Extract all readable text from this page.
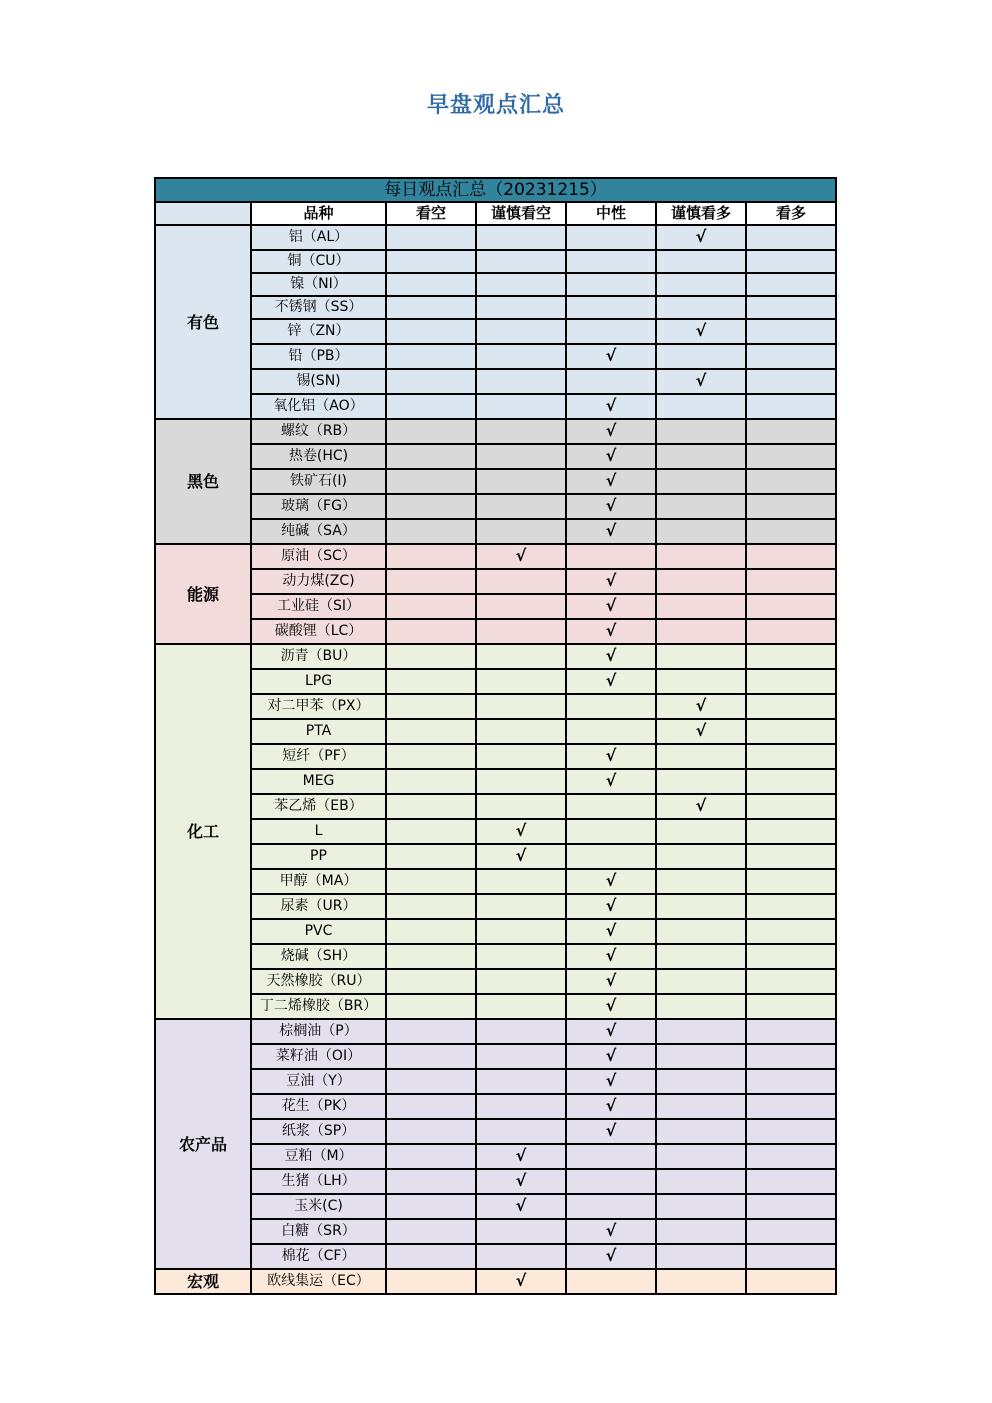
早盘观点汇总
每日观点汇总（20231215）						
	品种	看空	谨慎看空	中性	谨慎看多	看多
有色	铝（AL）				√	
	铜（CU）					
	镍（NI）					
	不锈钢（SS）					
	锌（ZN）				√	
	铅（PB）			√		
	锡(SN)				√	
	氧化铝（AO）			√		
黑色	螺纹（RB）			√		
	热卷(HC)			√		
	铁矿石(I)			√		
	玻璃（FG）			√		
	纯碱（SA）			√		
能源	原油（SC）		√			
	动力煤(ZC)			√		
	工业硅（SI）			√		
	碳酸锂（LC）			√		
化工	沥青（BU）			√		
	LPG			√		
	对二甲苯（PX）				√	
	PTA				√	
	短纤（PF）			√		
	MEG			√		
	苯乙烯（EB）				√	
	L		√			
	PP		√			
	甲醇（MA）			√		
	尿素（UR）			√		
	PVC			√		
	烧碱（SH）			√		
	天然橡胶（RU）			√		
	丁二烯橡胶（BR）			√		
农产品	棕榈油（P）			√		
	菜籽油（OI）			√		
	豆油（Y）			√		
	花生（PK）			√		
	纸浆（SP）			√		
	豆粕（M）		√			
	生猪（LH）		√			
	玉米(C)		√			
	白糖（SR）			√		
	棉花（CF）			√		
宏观	欧线集运（EC）		√			
